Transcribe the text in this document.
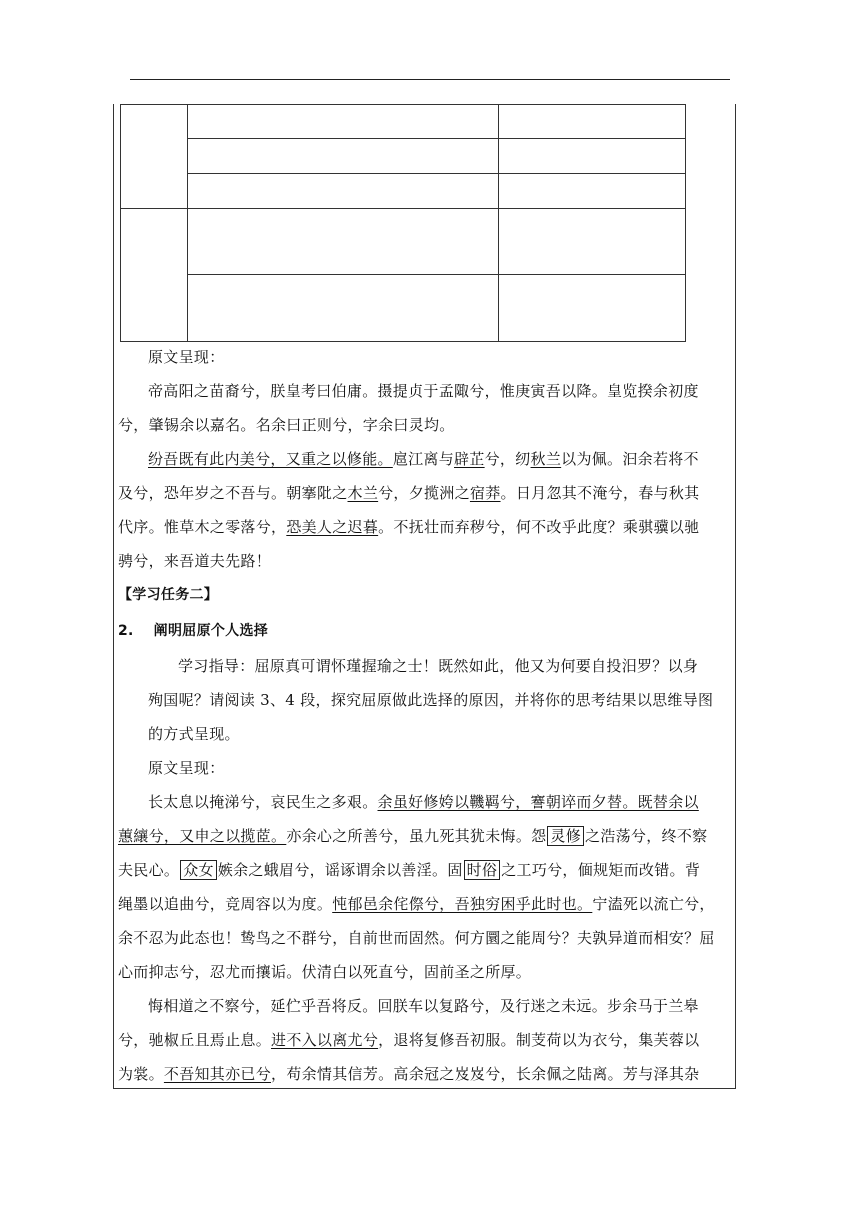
原文呈现：
帝高阳之苗裔兮，朕皇考曰伯庸。摄提贞于孟陬兮，惟庚寅吾以降。皇览揆余初度
兮，肇锡余以嘉名。名余曰正则兮，字余曰灵均。
纷吾既有此内美兮，又重之以修能。扈江离与辟芷兮，纫秋兰以为佩。汩余若将不
及兮，恐年岁之不吾与。朝搴阰之木兰兮，夕揽洲之宿莽。日月忽其不淹兮，春与秋其
代序。惟草木之零落兮，恐美人之迟暮。不抚壮而弃秽兮，何不改乎此度？乘骐骥以驰
骋兮，来吾道夫先路！
【学习任务二】
2. 阐明屈原个人选择
学习指导：屈原真可谓怀瑾握瑜之士！既然如此，他又为何要自投汨罗？以身
殉国呢？请阅读 3、4 段，探究屈原做此选择的原因，并将你的思考结果以思维导图
的方式呈现。
原文呈现：
长太息以掩涕兮，哀民生之多艰。余虽好修姱以鞿羁兮，謇朝谇而夕替。既替余以
蕙纕兮，又申之以揽茝。亦余心之所善兮，虽九死其犹未悔。怨 灵修 之浩荡兮，终不察
夫民心。 众女 嫉余之蛾眉兮，谣诼谓余以善淫。固 时俗 之工巧兮，偭规矩而改错。背
绳墨以追曲兮，竞周容以为度。忳郁邑余侘傺兮，吾独穷困乎此时也。宁溘死以流亡兮，
余不忍为此态也！鸷鸟之不群兮，自前世而固然。何方圜之能周兮？夫孰异道而相安？屈
心而抑志兮，忍尤而攘诟。伏清白以死直兮，固前圣之所厚。
悔相道之不察兮，延伫乎吾将反。回朕车以复路兮，及行迷之未远。步余马于兰皋
兮，驰椒丘且焉止息。进不入以离尤兮，退将复修吾初服。制芰荷以为衣兮，集芙蓉以
为裳。不吾知其亦已兮，苟余情其信芳。高余冠之岌岌兮，长余佩之陆离。芳与泽其杂
